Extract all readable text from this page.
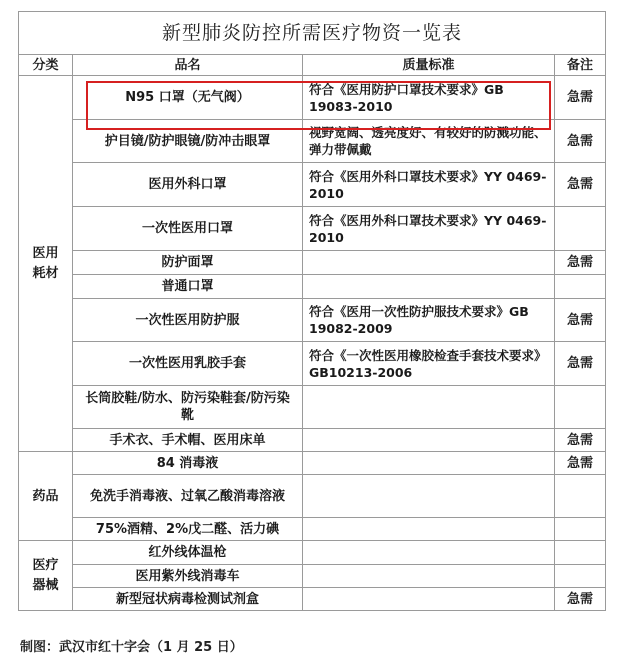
新型肺炎防控所需医疗物资一览表			
分类	品名	质量标准	备注
医用耗材	N95 口罩（无气阀）	符合《医用防护口罩技术要求》GB 19083-2010	急需
	护目镜/防护眼镜/防冲击眼罩	视野宽阔、透亮度好、有较好的防溅功能、弹力带佩戴	急需
	医用外科口罩	符合《医用外科口罩技术要求》YY 0469-2010	急需
	一次性医用口罩	符合《医用外科口罩技术要求》YY 0469-2010	
	防护面罩		急需
	普通口罩		
	一次性医用防护服	符合《医用一次性防护服技术要求》GB 19082-2009	急需
	一次性医用乳胶手套	符合《一次性医用橡胶检查手套技术要求》GB10213-2006	急需
	长筒胶鞋/防水、防污染鞋套/防污染靴		
	手术衣、手术帽、医用床单		急需
药品	84 消毒液		急需
	免洗手消毒液、过氧乙酸消毒溶液		
	75%酒精、2%戊二醛、活力碘		
医疗器械	红外线体温枪		
	医用紫外线消毒车		
	新型冠状病毒检测试剂盒		急需
制图：武汉市红十字会（1 月 25 日）
